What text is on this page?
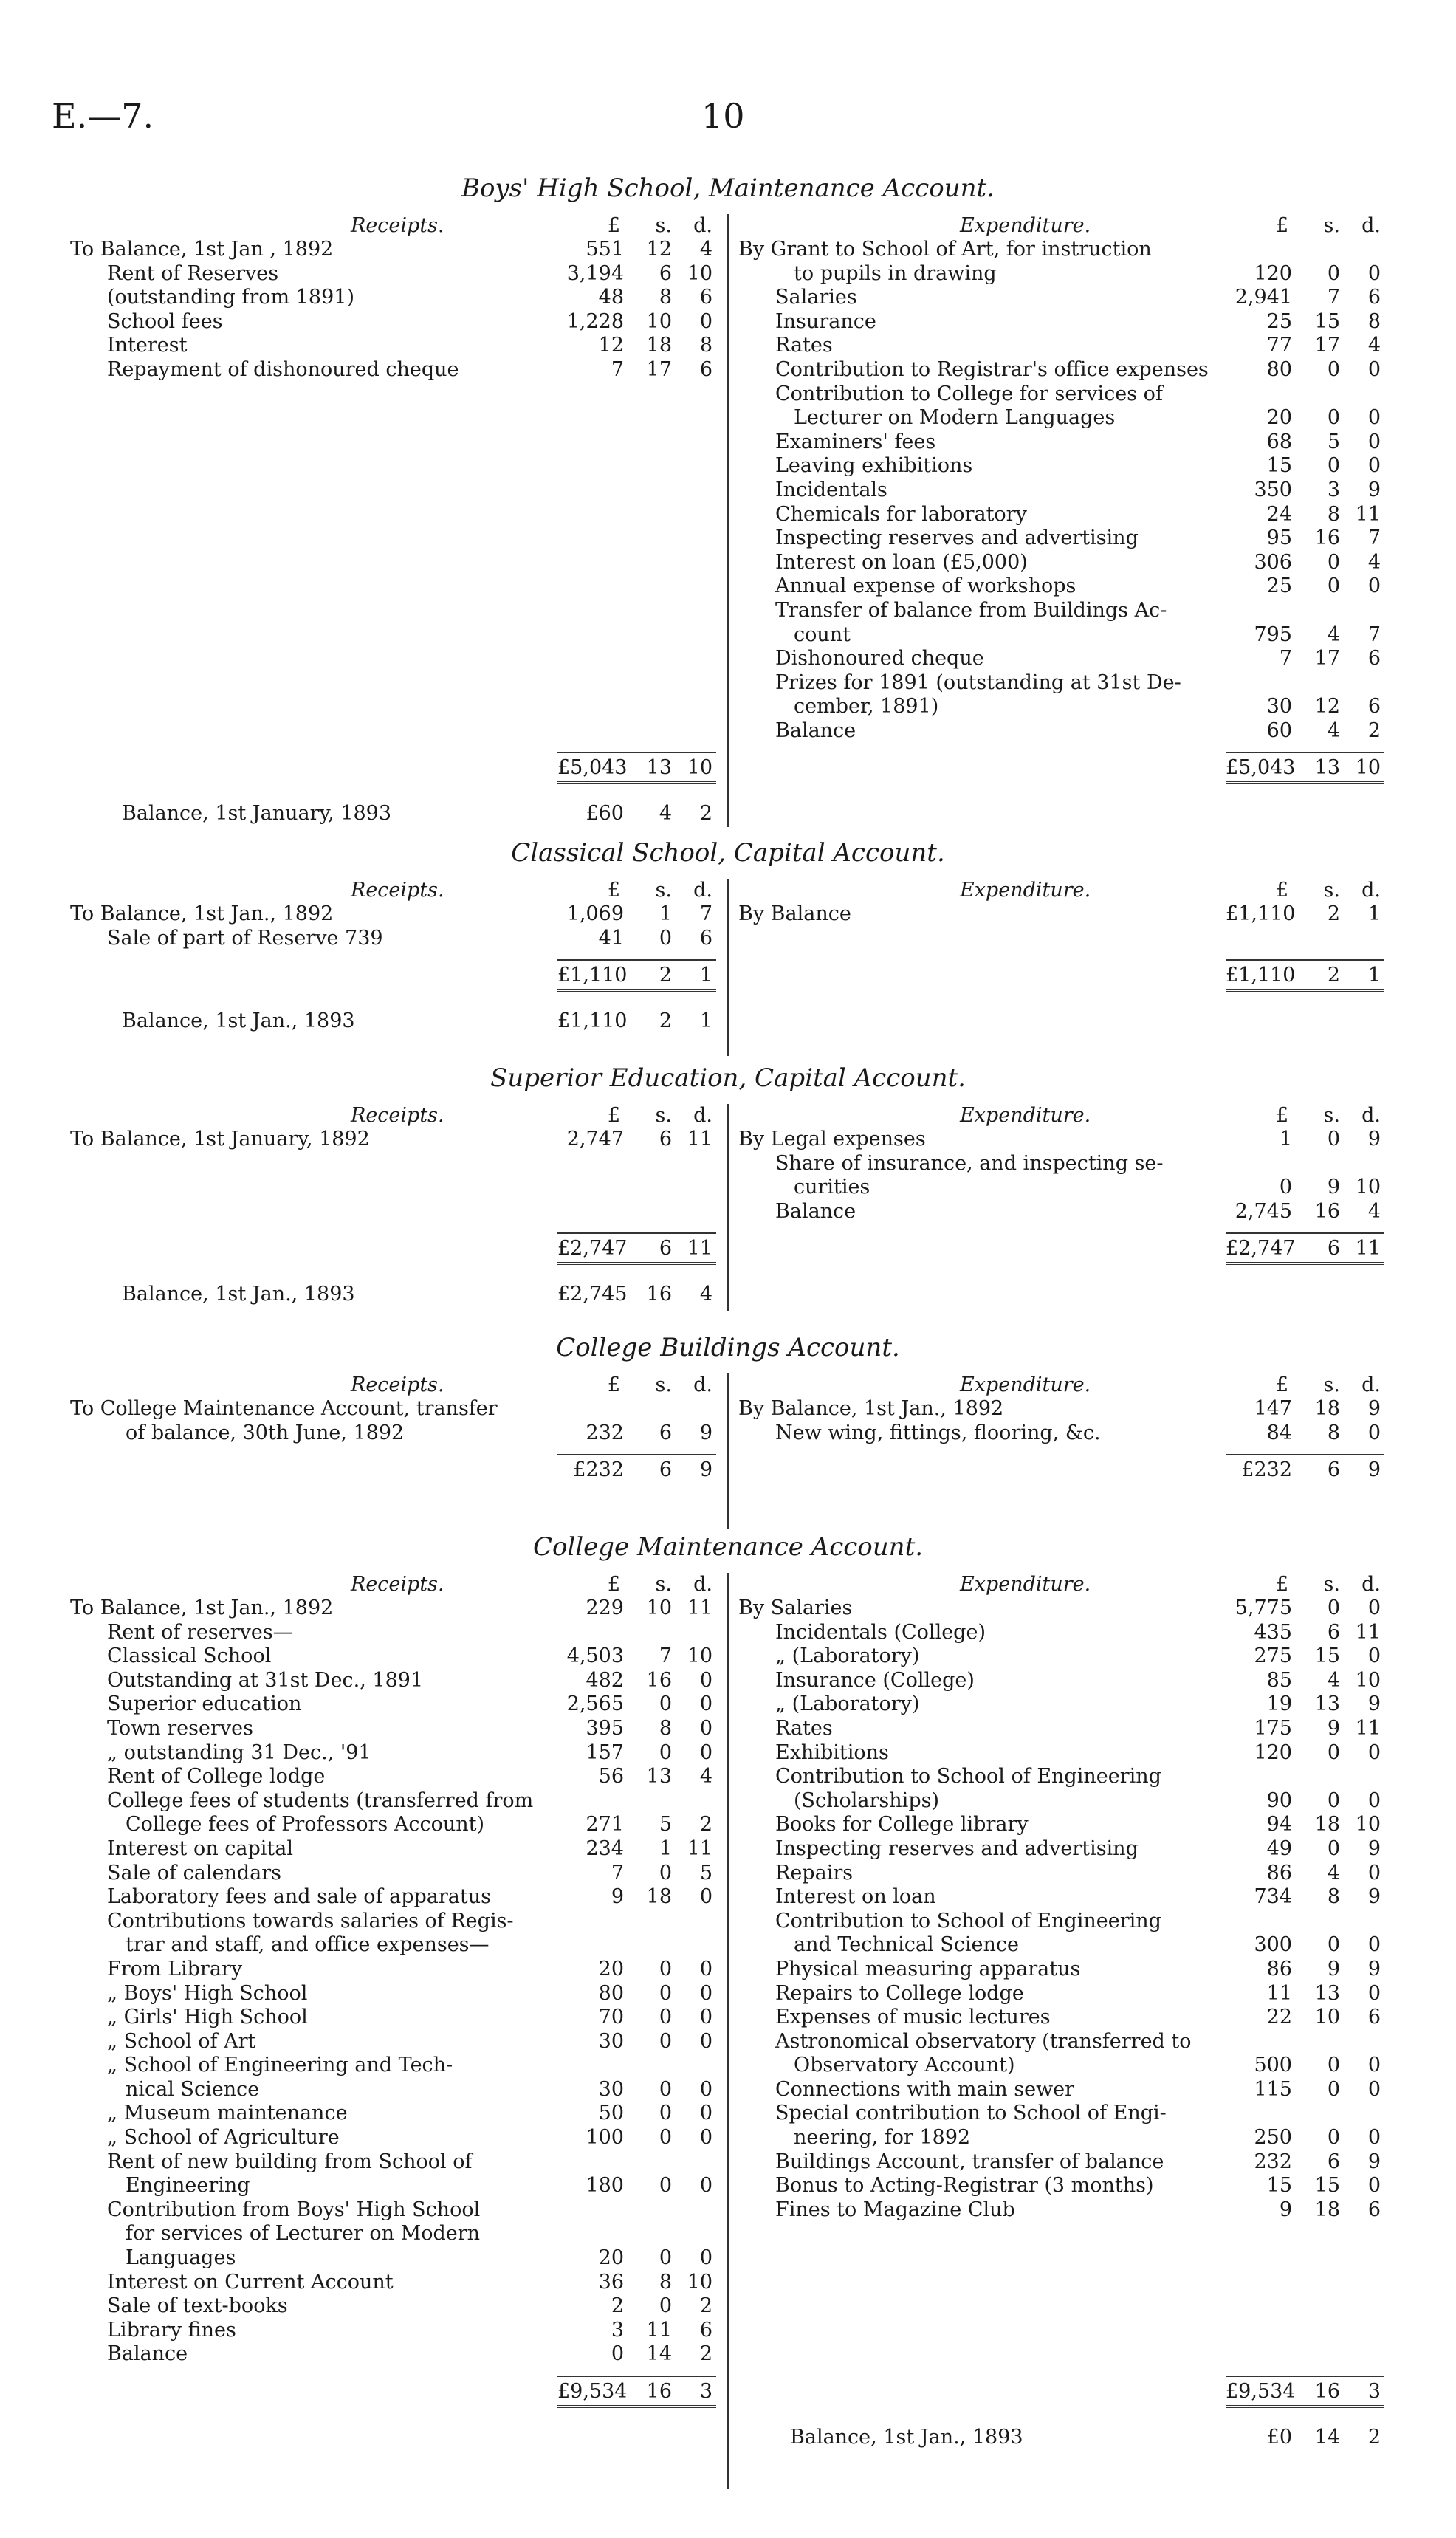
E.—7.	10
Boys' High School, Maintenance Account.
Receipts.	£	s.	d.
To Balance, 1st Jan , 1892	551	12	4
Rent of Reserves	3,194	6 10
(outstanding from 1891)	48	8	6
School fees	1,228	10	0
Interest	12	18	8
Repayment of dishonoured cheque	7	17	6
£5,043 13 10
Balance, 1st January, 1893	£60	4	2
Expenditure.	£	s.	d.
By Grant to School of Art, for instruction
to pupils in drawing	120	0	0
Salaries	2,941	7	6
Insurance	25	15	8
Rates	77	17	4
Contribution to Registrar's office expenses	80	0	0
Contribution to College for services of
Lecturer on Modern Languages	20	0	0
Examiners' fees	68	5	0
Leaving exhibitions	15	0	0
Incidentals	350	3	9
Chemicals for laboratory	24	8 11
Inspecting reserves and advertising	95	16	7
Interest on loan (£5,000)	306	0	4
Annual expense of workshops	25	0	0
Transfer of balance from Buildings Ac-
count	795	4	7
Dishonoured cheque	7	17	6
Prizes for 1891 (outstanding at 31st De-
cember, 1891)	30	12	6
Balance	60	4	2
£5,043 13 10
Classical School, Capital Account.
Receipts.	£	s.	d.
To Balance, 1st Jan., 1892	1,069	1	7
Sale of part of Reserve 739	41	0	6
£1,110	2	1
Balance, 1st Jan., 1893	£1,110	2	1
Expenditure.	£	s.	d.
By Balance	£1,110	2	1
£1,110	2	1
Superior Education, Capital Account.
Receipts.	£	s.	d.
To Balance, 1st January, 1892	2,747	6 11
£2,747	6 11
Balance, 1st Jan., 1893	£2,745 16	4
Expenditure.	£	s.	d.
By Legal expenses	1	0	9
Share of insurance, and inspecting se-
curities	0	9 10
Balance	2,745	16	4
£2,747	6 11
College Buildings Account.
Receipts.	£	s.	d.
To College Maintenance Account, transfer
of balance, 30th June, 1892	232	6	9
£232	6	9
Expenditure.	£	s.	d.
By Balance, 1st Jan., 1892	147	18	9
New wing, fittings, flooring, &c.	84	8	0
£232	6	9
College Maintenance Account.
Receipts.	£	s.	d.
To Balance, 1st Jan., 1892	229	10 11
Rent of reserves—
Classical School	4,503	7 10
Outstanding at 31st Dec., 1891	482	16	0
Superior education	2,565	0	0
Town reserves	395	8	0
„ outstanding 31 Dec., '91	157	0	0
Rent of College lodge	56	13	4
College fees of students (transferred from
College fees of Professors Account)	271	5	2
Interest on capital	234	1 11
Sale of calendars	7	0	5
Laboratory fees and sale of apparatus	9	18	0
Contributions towards salaries of Regis-
trar and staff, and office expenses—
From Library	20	0	0
„ Boys' High School	80	0	0
„ Girls' High School	70	0	0
„ School of Art	30	0	0
„ School of Engineering and Tech-
nical Science	30	0	0
„ Museum maintenance	50	0	0
„ School of Agriculture	100	0	0
Rent of new building from School of
Engineering	180	0	0
Contribution from Boys' High School
for services of Lecturer on Modern
Languages	20	0	0
Interest on Current Account	36	8 10
Sale of text-books	2	0	2
Library fines	3	11	6
Balance	0	14	2
£9,534 16	3
Expenditure.	£	s.	d.
By Salaries	5,775	0	0
Incidentals (College)	435	6 11
„ (Laboratory)	275	15	0
Insurance (College)	85	4 10
„ (Laboratory)	19	13	9
Rates	175	9 11
Exhibitions	120	0	0
Contribution to School of Engineering
(Scholarships)	90	0	0
Books for College library	94	18 10
Inspecting reserves and advertising	49	0	9
Repairs	86	4	0
Interest on loan	734	8	9
Contribution to School of Engineering
and Technical Science	300	0	0
Physical measuring apparatus	86	9	9
Repairs to College lodge	11	13	0
Expenses of music lectures	22	10	6
Astronomical observatory (transferred to
Observatory Account)	500	0	0
Connections with main sewer	115	0	0
Special contribution to School of Engi-
neering, for 1892	250	0	0
Buildings Account, transfer of balance	232	6	9
Bonus to Acting-Registrar (3 months)	15	15	0
Fines to Magazine Club	9	18	6
£9,534 16	3
Balance, 1st Jan., 1893	£0	14	2
